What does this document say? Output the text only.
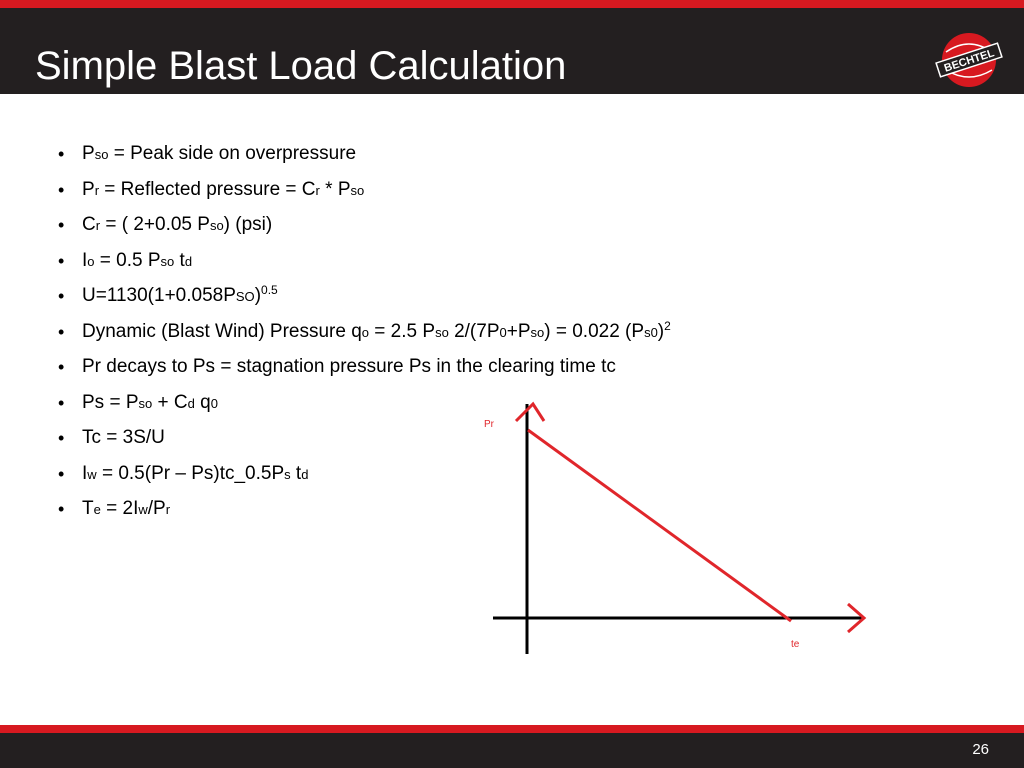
Simple Blast Load Calculation	BECHTEL
• Pso = Peak side on overpressure
• Pr = Reflected pressure = Cr * Pso
• Cr = ( 2+0.05 Pso) (psi)
• Io = 0.5 Pso td
• $U=1130(1+0.058PSO)^{0.5}$
• Dynamic (Blast Wind) Pressure qo = 2.5 Pso 2/(7P0+Pso) = 0.022 $(Ps0)^2$
• Pr decays to Ps = stagnation pressure Ps in the clearing time tc
• Ps = Pso + Cd q0
• Tc = 3S/U
• Iw = 0.5(Pr – Ps)tc_0.5Ps td
• Te = 2Iw/Pr
Pr
te
26
